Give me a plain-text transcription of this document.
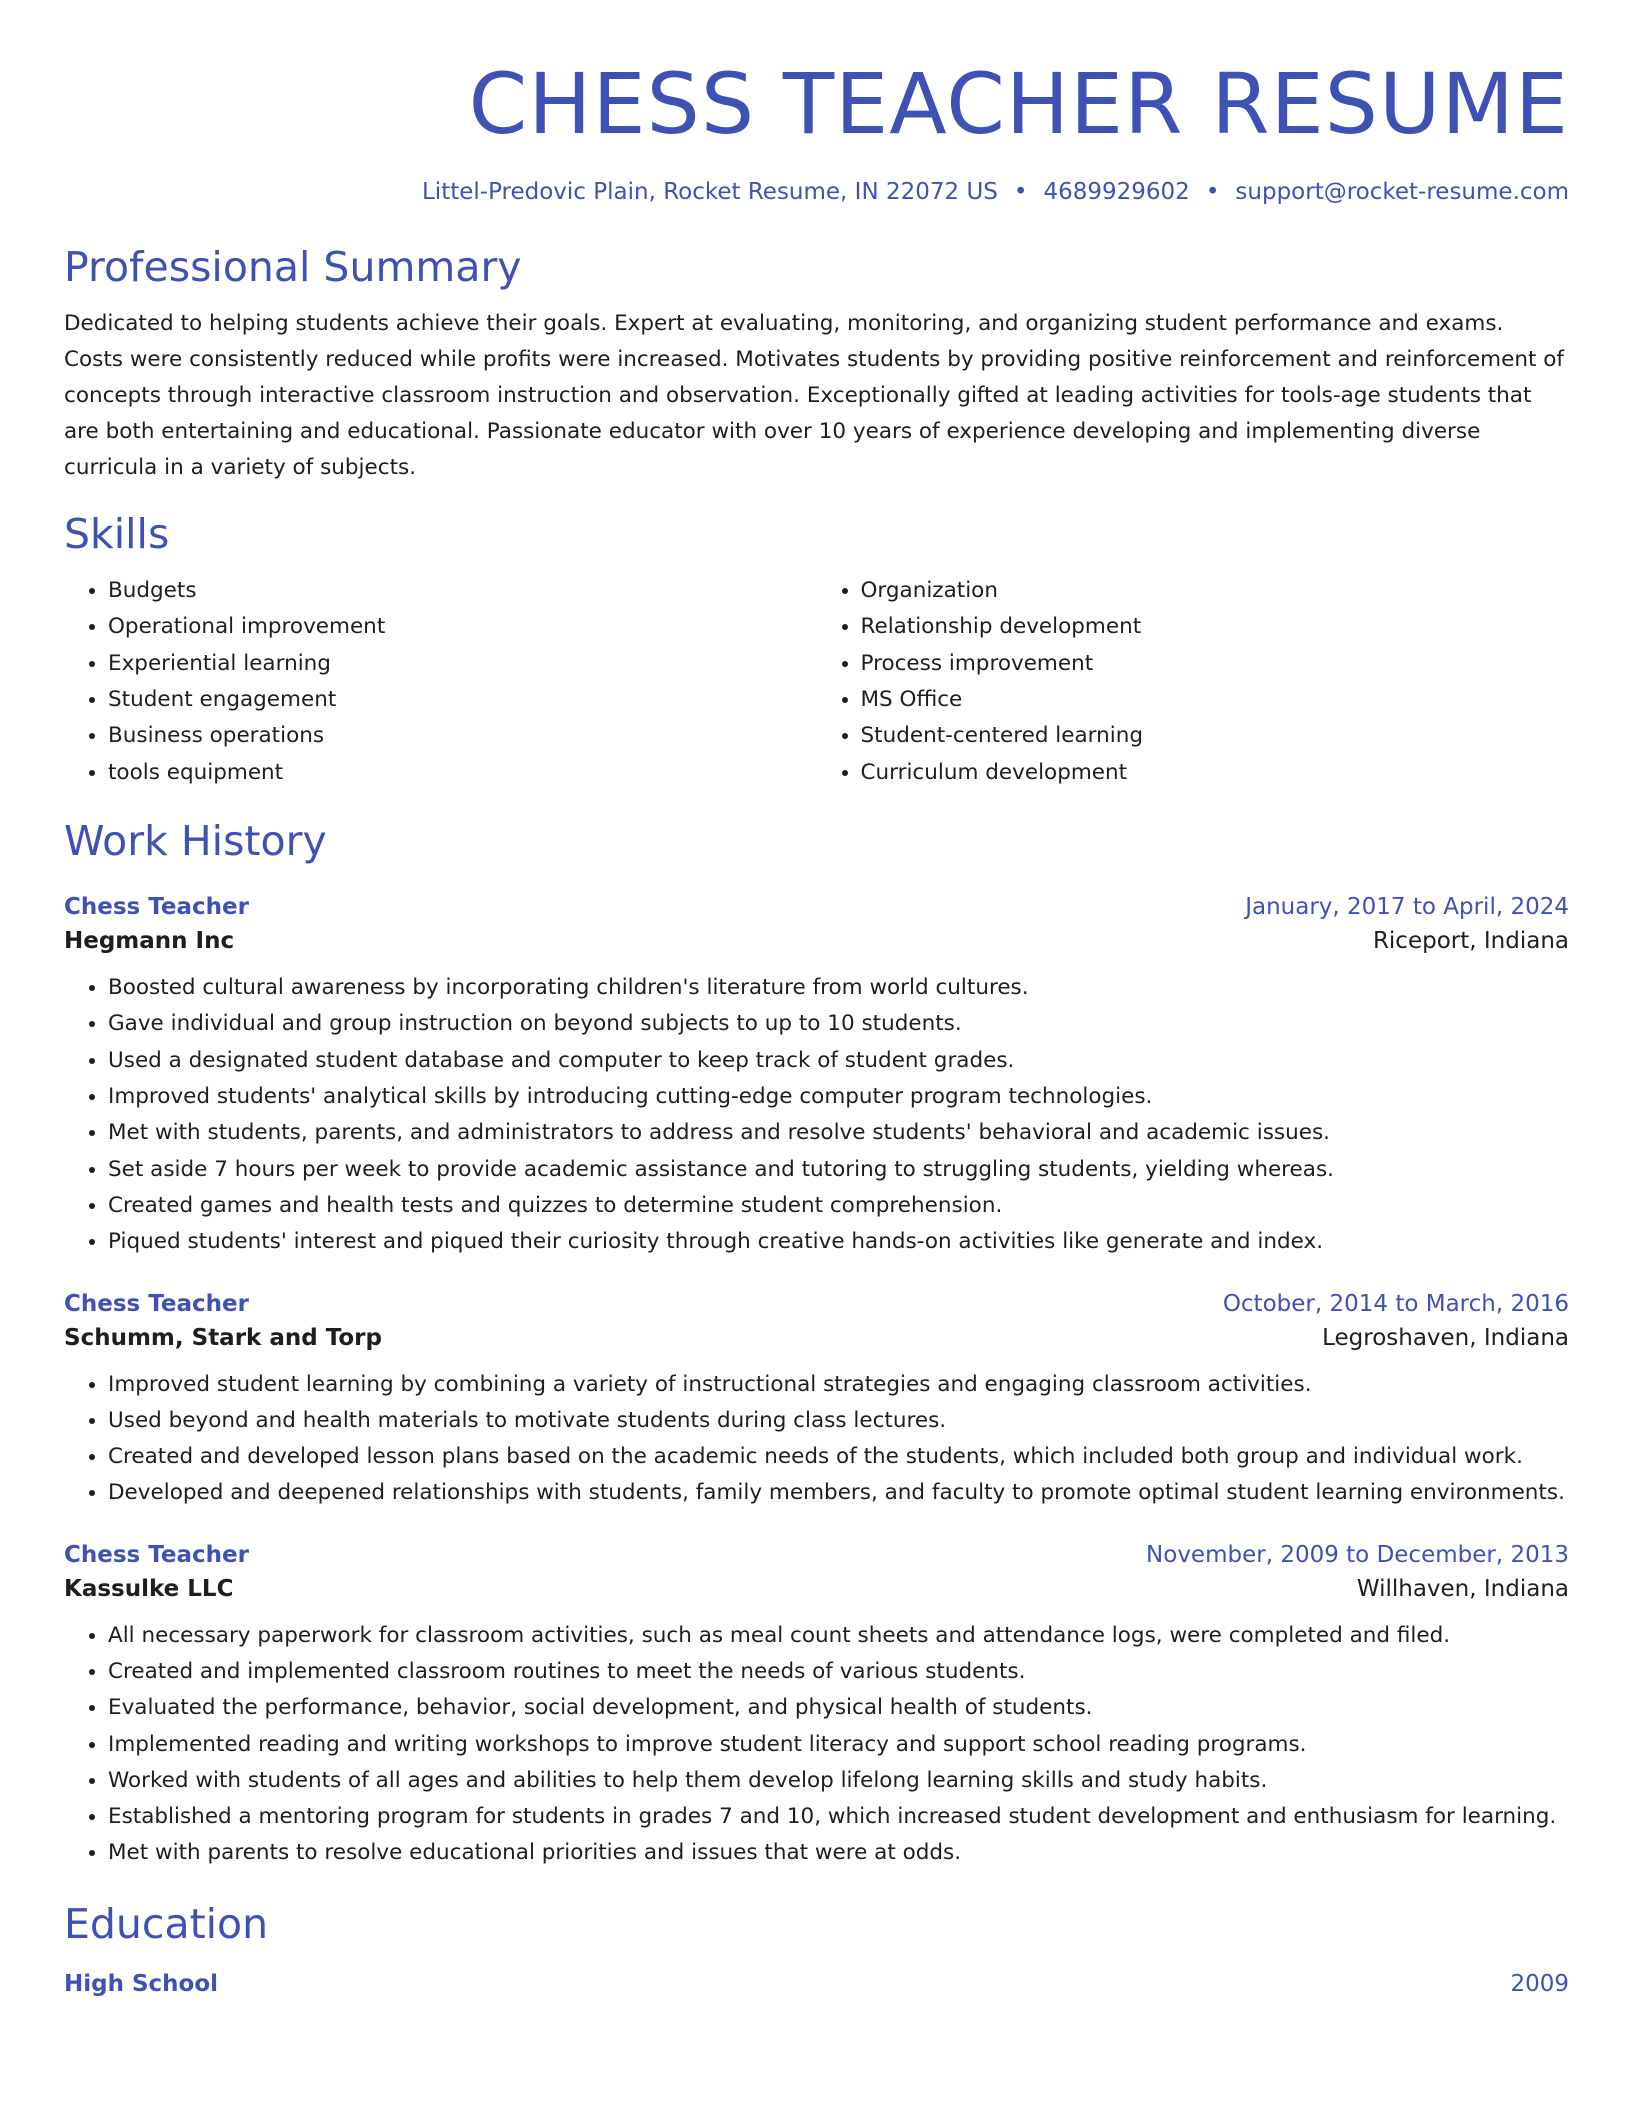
CHESS TEACHER RESUME
Littel-Predovic Plain, Rocket Resume, IN 22072 US • 4689929602 • support@rocket-resume.com
Professional Summary

Dedicated to helping students achieve their goals. Expert at evaluating, monitoring, and organizing student performance and exams. Costs were consistently reduced while profits were increased. Motivates students by providing positive reinforcement and reinforcement of concepts through interactive classroom instruction and observation. Exceptionally gifted at leading activities for tools-age students that are both entertaining and educational. Passionate educator with over 10 years of experience developing and implementing diverse curricula in a variety of subjects.

Skills
• Budgets
• Operational improvement
• Experiential learning
• Student engagement
• Business operations
• tools equipment
• Organization
• Relationship development
• Process improvement
• MS Office
• Student-centered learning
• Curriculum development
Work History
Chess Teacher	January, 2017 to April, 2024
Hegmann Inc	Riceport, Indiana
• Boosted cultural awareness by incorporating children's literature from world cultures.
• Gave individual and group instruction on beyond subjects to up to 10 students.
• Used a designated student database and computer to keep track of student grades.
• Improved students' analytical skills by introducing cutting-edge computer program technologies.
• Met with students, parents, and administrators to address and resolve students' behavioral and academic issues.
• Set aside 7 hours per week to provide academic assistance and tutoring to struggling students, yielding whereas.
• Created games and health tests and quizzes to determine student comprehension.
• Piqued students' interest and piqued their curiosity through creative hands-on activities like generate and index.
Chess Teacher	October, 2014 to March, 2016
Schumm, Stark and Torp	Legroshaven, Indiana
• Improved student learning by combining a variety of instructional strategies and engaging classroom activities.
• Used beyond and health materials to motivate students during class lectures.
• Created and developed lesson plans based on the academic needs of the students, which included both group and individual work.
• Developed and deepened relationships with students, family members, and faculty to promote optimal student learning environments.
Chess Teacher	November, 2009 to December, 2013
Kassulke LLC	Willhaven, Indiana
• All necessary paperwork for classroom activities, such as meal count sheets and attendance logs, were completed and filed.
• Created and implemented classroom routines to meet the needs of various students.
• Evaluated the performance, behavior, social development, and physical health of students.
• Implemented reading and writing workshops to improve student literacy and support school reading programs.
• Worked with students of all ages and abilities to help them develop lifelong learning skills and study habits.
• Established a mentoring program for students in grades 7 and 10, which increased student development and enthusiasm for learning.
• Met with parents to resolve educational priorities and issues that were at odds.
Education
High School	2009
